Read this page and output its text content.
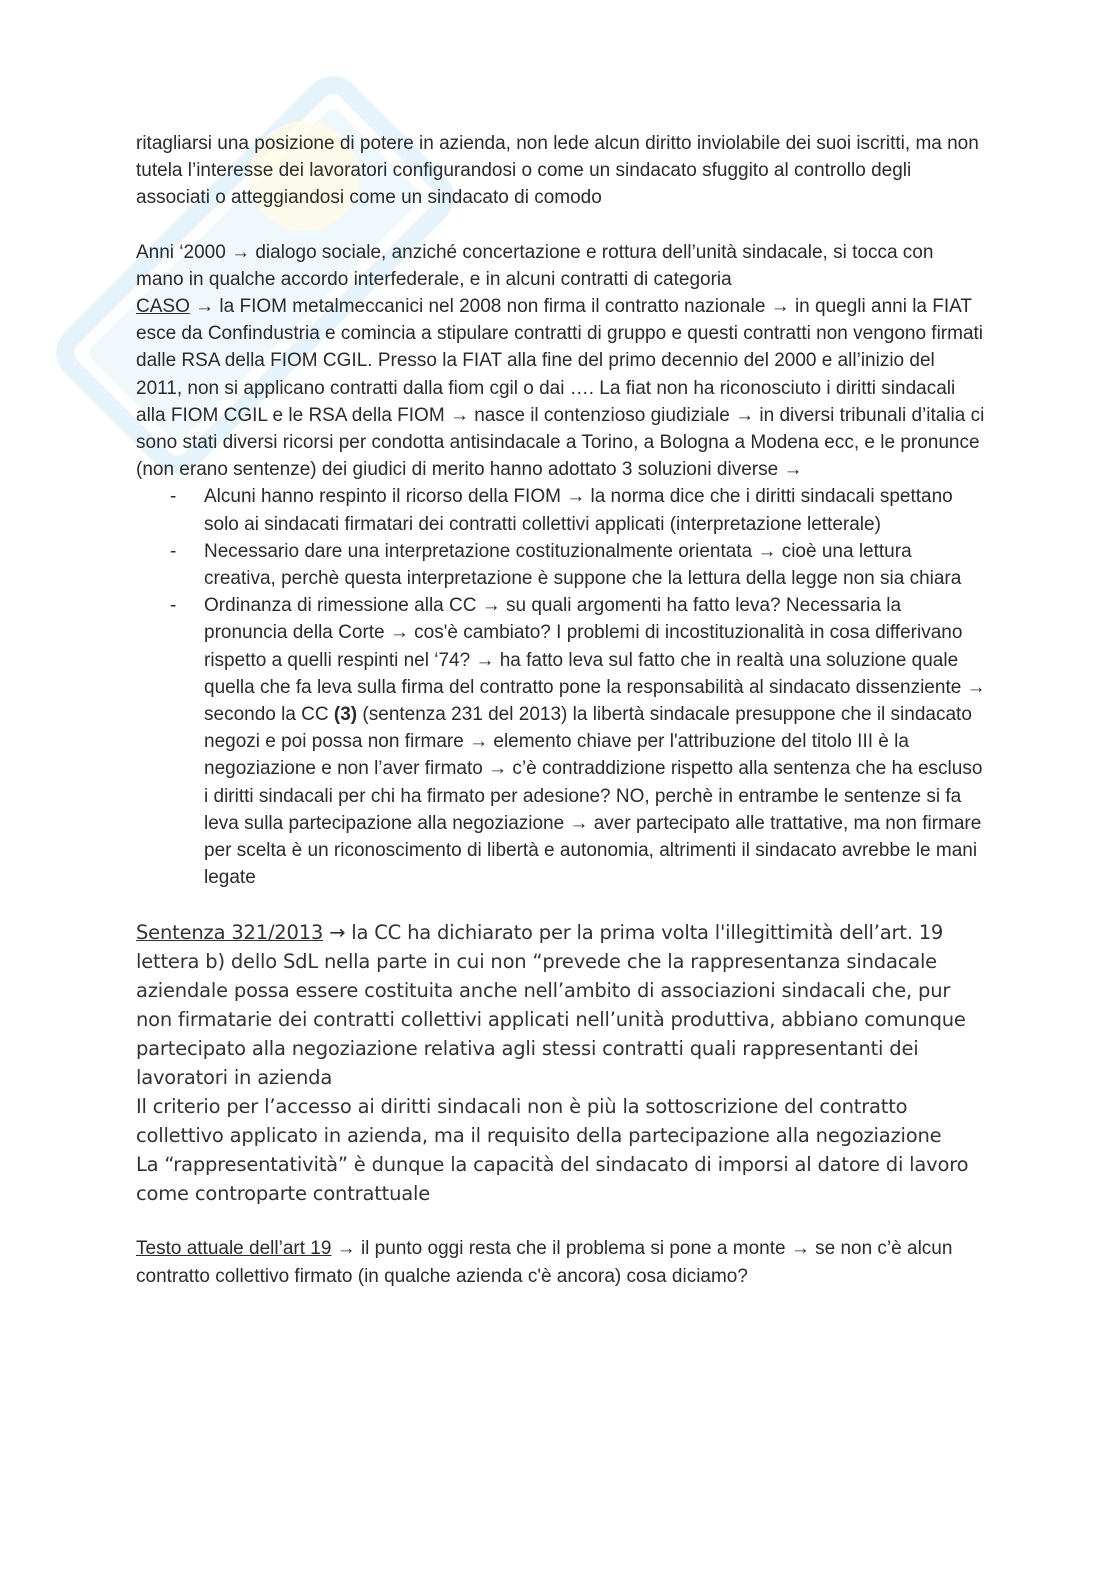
ritagliarsi una posizione di potere in azienda, non lede alcun diritto inviolabile dei suoi iscritti, ma non tutela l’interesse dei lavoratori configurandosi o come un sindacato sfuggito al controllo degli associati o atteggiandosi come un sindacato di comodo

Anni ‘2000 → dialogo sociale, anziché concertazione e rottura dell’unità sindacale, si tocca con mano in qualche accordo interfederale, e in alcuni contratti di categoria

CASO → la FIOM metalmeccanici nel 2008 non firma il contratto nazionale → in quegli anni la FIAT esce da Confindustria e comincia a stipulare contratti di gruppo e questi contratti non vengono firmati dalle RSA della FIOM CGIL. Presso la FIAT alla fine del primo decennio del 2000 e all’inizio del 2011, non si applicano contratti dalla fiom cgil o dai …. La fiat non ha riconosciuto i diritti sindacali alla FIOM CGIL e le RSA della FIOM → nasce il contenzioso giudiziale → in diversi tribunali d’italia ci sono stati diversi ricorsi per condotta antisindacale a Torino, a Bologna a Modena ecc, e le pronunce (non erano sentenze) dei giudici di merito hanno adottato 3 soluzioni diverse →

- Alcuni hanno respinto il ricorso della FIOM → la norma dice che i diritti sindacali spettano solo ai sindacati firmatari dei contratti collettivi applicati (interpretazione letterale)
- Necessario dare una interpretazione costituzionalmente orientata → cioè una lettura creativa, perchè questa interpretazione è suppone che la lettura della legge non sia chiara
- Ordinanza di rimessione alla CC → su quali argomenti ha fatto leva? Necessaria la pronuncia della Corte → cos'è cambiato? I problemi di incostituzionalità in cosa differivano rispetto a quelli respinti nel ‘74? → ha fatto leva sul fatto che in realtà una soluzione quale quella che fa leva sulla firma del contratto pone la responsabilità al sindacato dissenziente → secondo la CC (3) (sentenza 231 del 2013) la libertà sindacale presuppone che il sindacato negozi e poi possa non firmare → elemento chiave per l'attribuzione del titolo III è la negoziazione e non l’aver firmato → c’è contraddizione rispetto alla sentenza che ha escluso i diritti sindacali per chi ha firmato per adesione? NO, perchè in entrambe le sentenze si fa leva sulla partecipazione alla negoziazione → aver partecipato alle trattative, ma non firmare per scelta è un riconoscimento di libertà e autonomia, altrimenti il sindacato avrebbe le mani legate

Sentenza 321/2013 → la CC ha dichiarato per la prima volta l'illegittimità dell’art. 19 lettera b) dello SdL nella parte in cui non “prevede che la rappresentanza sindacale aziendale possa essere costituita anche nell’ambito di associazioni sindacali che, pur non firmatarie dei contratti collettivi applicati nell’unità produttiva, abbiano comunque partecipato alla negoziazione relativa agli stessi contratti quali rappresentanti dei lavoratori in azienda

Il criterio per l’accesso ai diritti sindacali non è più la sottoscrizione del contratto collettivo applicato in azienda, ma il requisito della partecipazione alla negoziazione

La “rappresentatività” è dunque la capacità del sindacato di imporsi al datore di lavoro come controparte contrattuale

Testo attuale dell’art 19 → il punto oggi resta che il problema si pone a monte → se non c’è alcun contratto collettivo firmato (in qualche azienda c'è ancora) cosa diciamo?
